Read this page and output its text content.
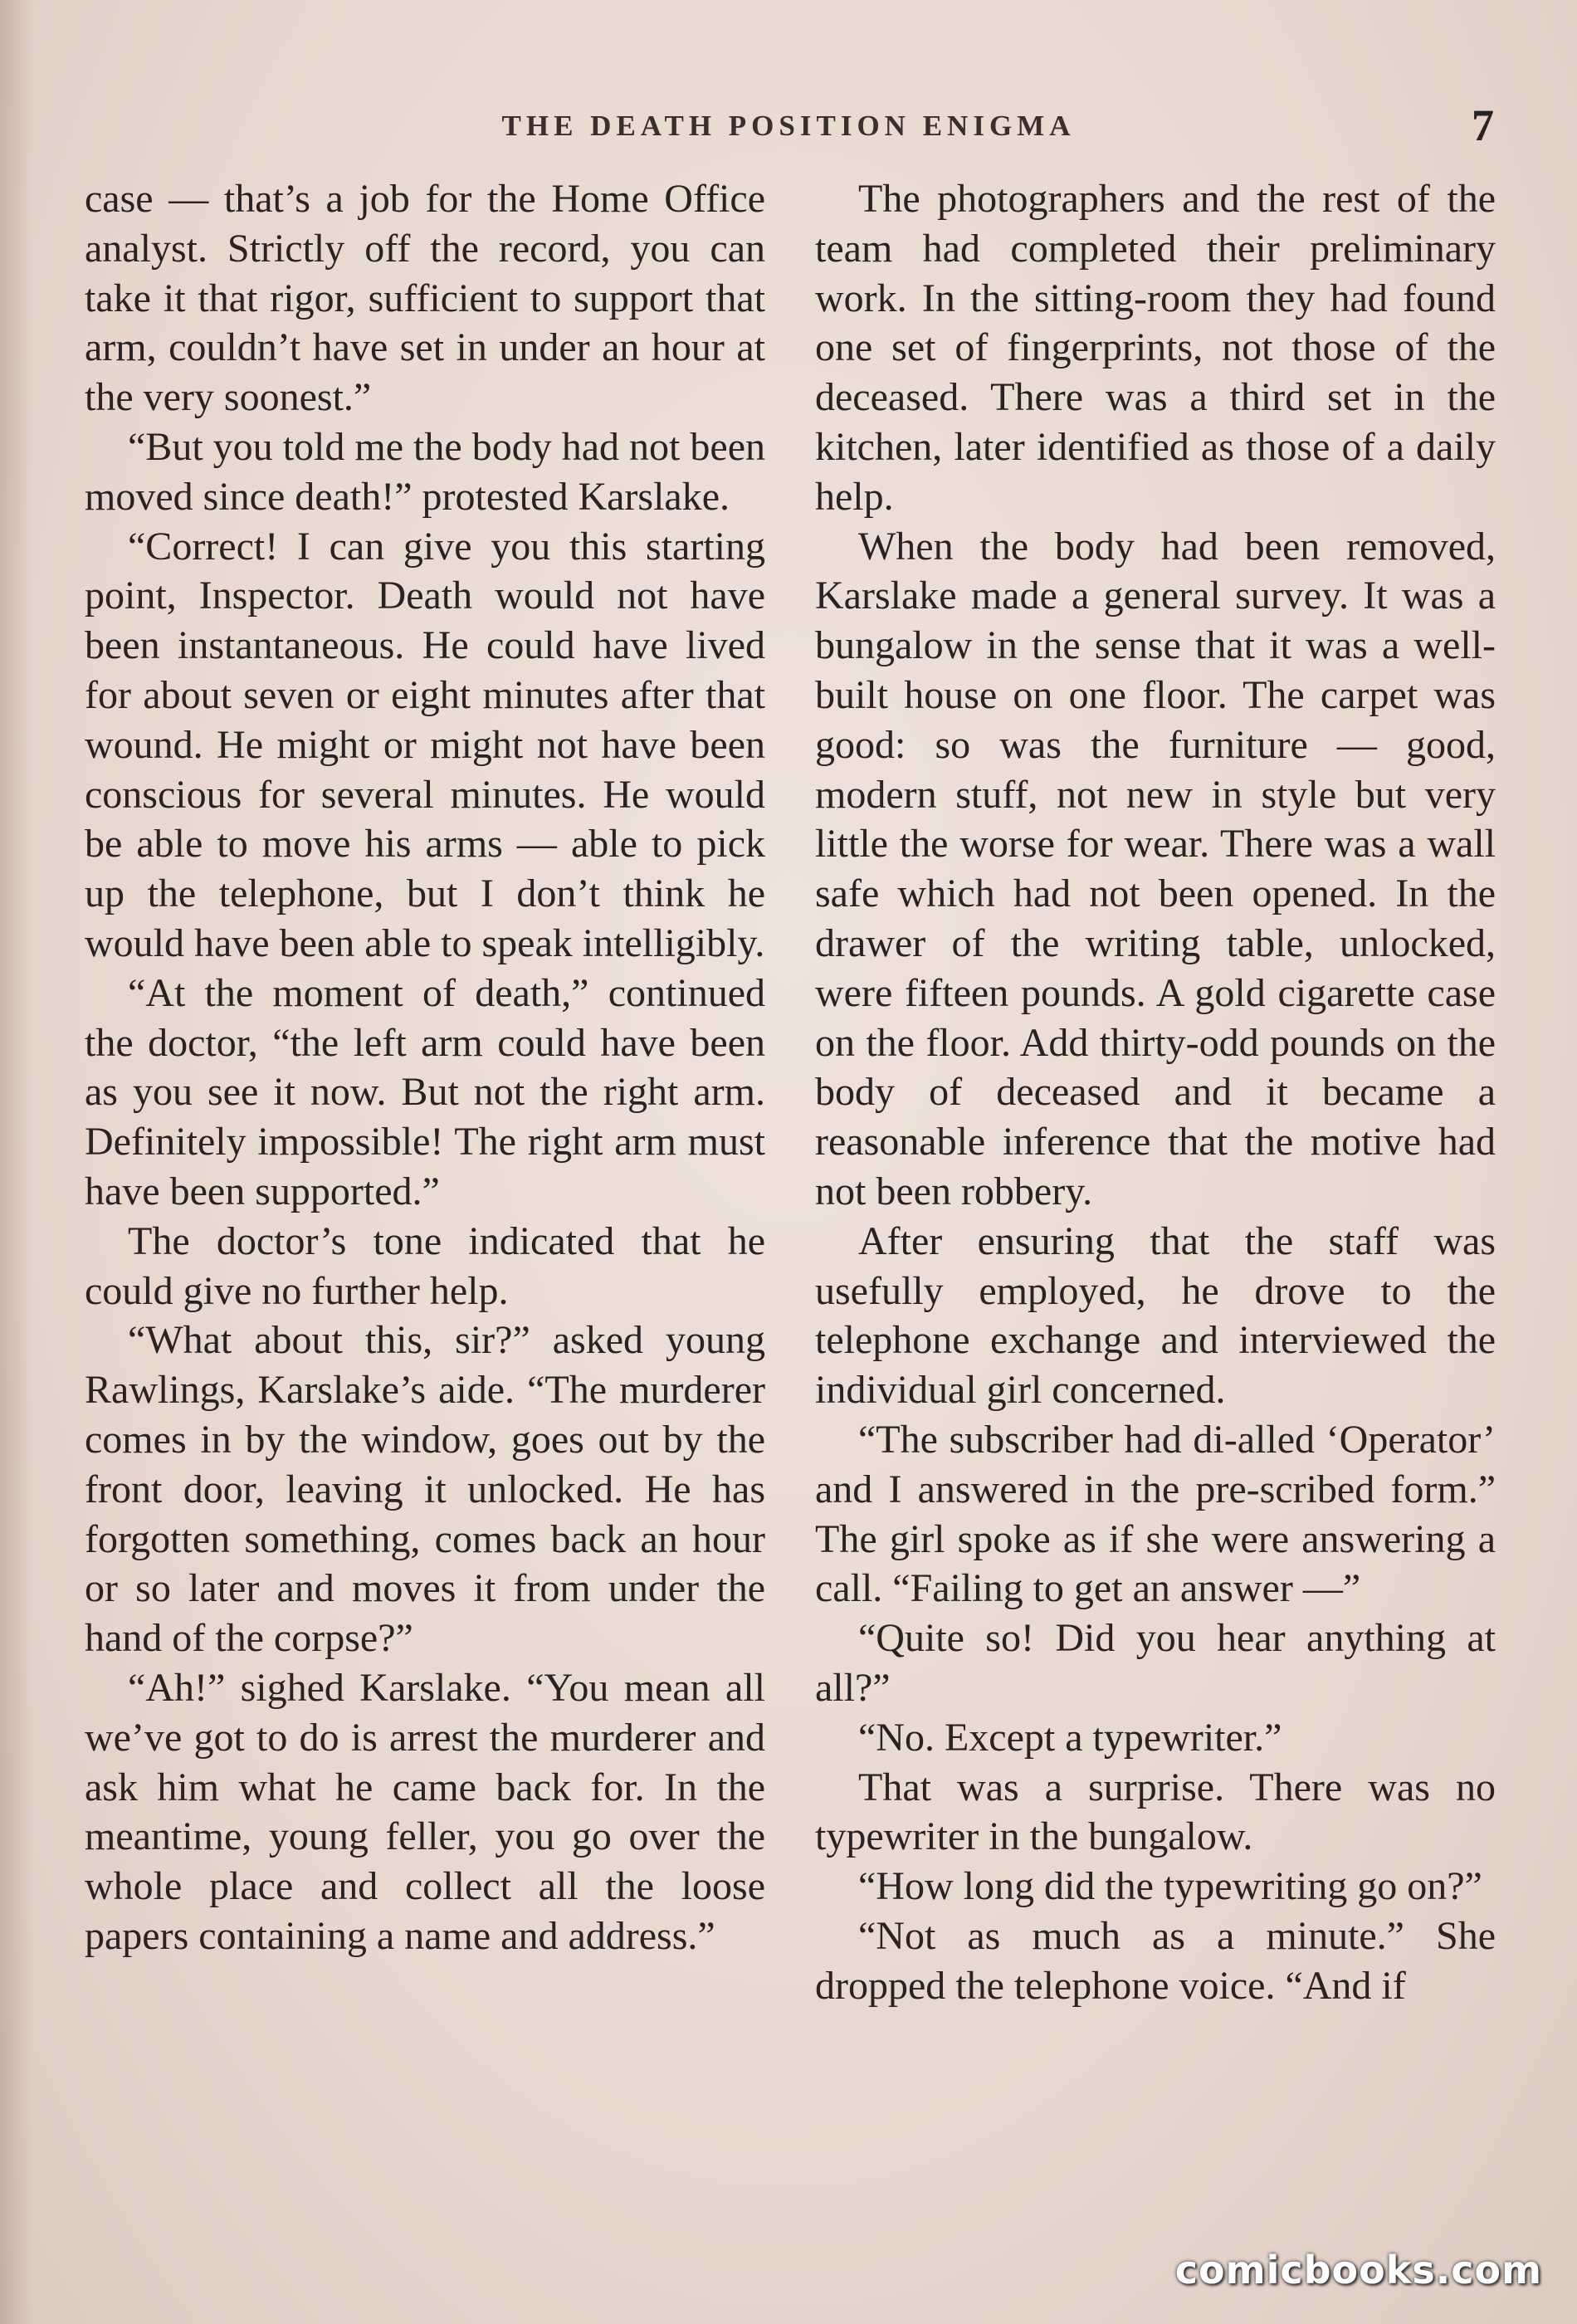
THE DEATH POSITION ENIGMA	7

case — that’s a job for the Home Office analyst. Strictly off the record, you can take it that rigor, sufficient to support that arm, couldn’t have set in under an hour at the very soonest.”

“But you told me the body had not been moved since death!” protested Karslake.

“Correct! I can give you this starting point, Inspector. Death would not have been instantaneous. He could have lived for about seven or eight minutes after that wound. He might or might not have been conscious for several minutes. He would be able to move his arms — able to pick up the telephone, but I don’t think he would have been able to speak intelligibly.

“At the moment of death,” continued the doctor, “the left arm could have been as you see it now. But not the right arm. Definitely impossible! The right arm must have been supported.”

The doctor’s tone indicated that he could give no further help.

“What about this, sir?” asked young Rawlings, Karslake’s aide. “The murderer comes in by the window, goes out by the front door, leaving it unlocked. He has forgotten something, comes back an hour or so later and moves it from under the hand of the corpse?”

“Ah!” sighed Karslake. “You mean all we’ve got to do is arrest the murderer and ask him what he came back for. In the meantime, young feller, you go over the whole place and collect all the loose papers containing a name and address.”

The photographers and the rest of the team had completed their preliminary work. In the sitting-room they had found one set of fingerprints, not those of the deceased. There was a third set in the kitchen, later identified as those of a daily help.

When the body had been removed, Karslake made a general survey. It was a bungalow in the sense that it was a well-built house on one floor. The carpet was good: so was the furniture — good, modern stuff, not new in style but very little the worse for wear. There was a wall safe which had not been opened. In the drawer of the writing table, unlocked, were fifteen pounds. A gold cigarette case on the floor. Add thirty-odd pounds on the body of deceased and it became a reasonable inference that the motive had not been robbery.

After ensuring that the staff was usefully employed, he drove to the telephone exchange and interviewed the individual girl concerned.

“The subscriber had di-alled ‘Operator’ and I answered in the pre-scribed form.” The girl spoke as if she were answering a call. “Failing to get an answer —”

“Quite so! Did you hear anything at all?”

“No. Except a typewriter.”

That was a surprise. There was no typewriter in the bungalow.

“How long did the typewriting go on?”

“Not as much as a minute.” She dropped the telephone voice. “And if

comicbooks.com
